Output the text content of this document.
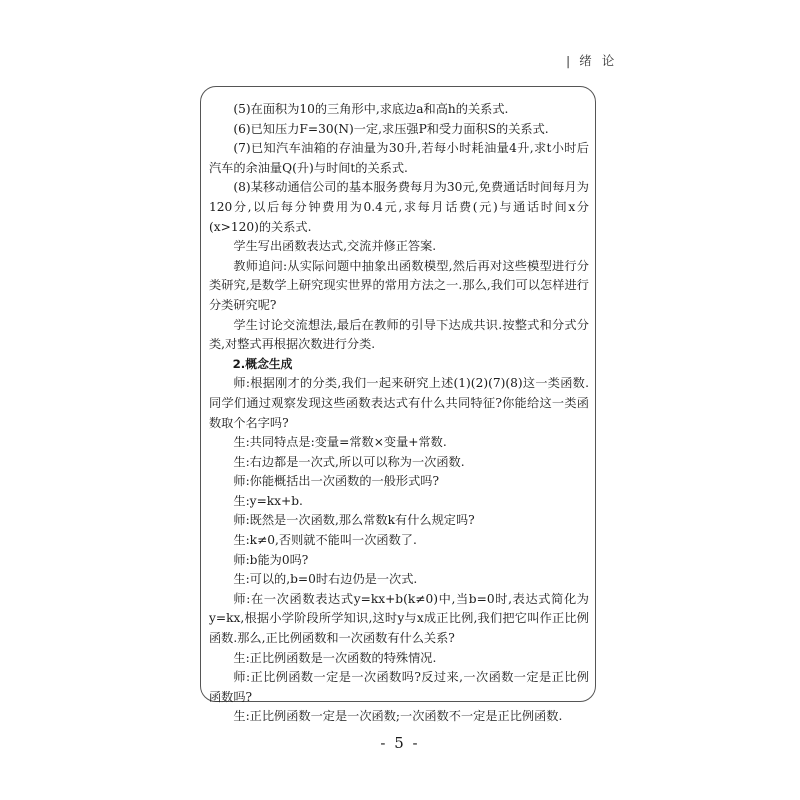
| 绪 论

(5)在面积为10的三角形中,求底边a和高h的关系式.

(6)已知压力F=30(N)一定,求压强P和受力面积S的关系式.

(7)已知汽车油箱的存油量为30升,若每小时耗油量4升,求t小时后汽车的余油量Q(升)与时间t的关系式.

(8)某移动通信公司的基本服务费每月为30元,免费通话时间每月为120分,以后每分钟费用为0.4元,求每月话费(元)与通话时间x分(x>120)的关系式.

学生写出函数表达式,交流并修正答案.

教师追问:从实际问题中抽象出函数模型,然后再对这些模型进行分类研究,是数学上研究现实世界的常用方法之一.那么,我们可以怎样进行分类研究呢?

学生讨论交流想法,最后在教师的引导下达成共识.按整式和分式分类,对整式再根据次数进行分类.

2.概念生成

师:根据刚才的分类,我们一起来研究上述(1)(2)(7)(8)这一类函数.同学们通过观察发现这些函数表达式有什么共同特征?你能给这一类函数取个名字吗?

生:共同特点是:变量=常数×变量+常数.

生:右边都是一次式,所以可以称为一次函数.

师:你能概括出一次函数的一般形式吗?

生:y=kx+b.

师:既然是一次函数,那么常数k有什么规定吗?

生:k≠0,否则就不能叫一次函数了.

师:b能为0吗?

生:可以的,b=0时右边仍是一次式.

师:在一次函数表达式y=kx+b(k≠0)中,当b=0时,表达式简化为y=kx,根据小学阶段所学知识,这时y与x成正比例,我们把它叫作正比例函数.那么,正比例函数和一次函数有什么关系?

生:正比例函数是一次函数的特殊情况.

师:正比例函数一定是一次函数吗?反过来,一次函数一定是正比例函数吗?

生:正比例函数一定是一次函数;一次函数不一定是正比例函数.

- 5 -
